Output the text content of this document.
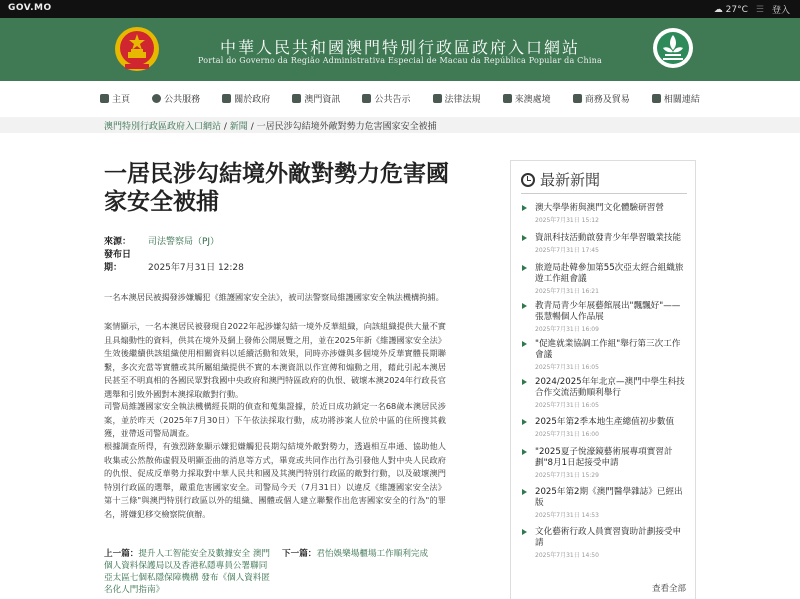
GOV.MO	☁ 27°C ☰ 登入
中華人民共和國澳門特別行政區政府入口網站
Portal do Governo da Região Administrativa Especial de Macau da República Popular da China
主頁	公共服務	關於政府	澳門資訊	公共告示	法律法規	來澳處境	商務及貿易	相關連結
澳門特別行政區政府入口網站 / 新聞 / 一居民涉勾結境外敵對勢力危害國家安全被捕
一居民涉勾結境外敵對勢力危害國家安全被捕
來源： 司法警察局（PJ）
發布日期：	2025年7月31日 12:28

一名本澳居民被揭發涉嫌觸犯《維護國家安全法》，被司法警察局維護國家安全執法機構拘捕。

案情顯示，一名本澳居民被發現自2022年起涉嫌勾結一境外反華組織，向該組織提供大量不實且具煽動性的資料，供其在境外及網上發佈公開展覽之用，並在2025年新《維護國家安全法》生效後繼續供該組織使用相關資料以延續活動和效果，同時亦涉嫌與多個境外反華實體長期聯繫，多次充當等實體或其所屬組織提供不實的本澳資訊以作宣傳和煽動之用，藉此引起本澳居民甚至不明真相的各國民眾對我國中央政府和澳門特區政府的仇恨、破壞本澳2024年行政長官選舉和引致外國對本澳採取敵對行動。

司警局維護國家安全執法機構經長期的偵查和蒐集證據，於近日成功鎖定一名68歲本澳居民涉案，並於昨天（2025年7月30日）下午依法採取行動，成功將涉案人位於中區的住所搜其截獲，並帶返司警局調查。

根據調查所得，有強烈跡象顯示嫌犯嫌觸犯長期勾結境外敵對勢力，透過相互串通、協助他人收集或公然散佈虛假及明顯歪曲的消息等方式，畢竟或共同作出行為引發他人對中央人民政府的仇恨、促成反華勢力採取對中華人民共和國及其澳門特別行政區的敵對行動，以及破壞澳門特別行政區的選舉，嚴重危害國家安全。司警局今天（7月31日）以違反《維護國家安全法》第十三條"與澳門特別行政區以外的組織、團體或個人建立聯繫作出危害國家安全的行為"的罪名，將嫌犯移交檢察院偵辦。

上一篇：提升人工智能安全及數據安全 澳門個人資料保護局以及香港私隱專員公署聯同亞太區七個私隱保障機構 發布《個人資料匿名化人門指南》
下一篇：君怡娛樂場櫃場工作順利完成
最新新聞
澳大學學術與澳門文化體驗研習營
2025年7月31日 15:12
資訊科技活動啟發青少年學習職業技能
2025年7月31日 17:45
旅遊局赴韓參加第55次亞太經合組織旅遊工作組會議
2025年7月31日 16:21
教青局青少年展藝館展出"飄飄好"——張慧暢個人作品展
2025年7月31日 16:09
"促進就業協調工作組"舉行第三次工作會議
2025年7月31日 16:05
2024/2025年年北京—澳門中學生科技合作交流活動順利舉行
2025年7月31日 16:05
2025年第2季本地生產總值初步數值
2025年7月31日 16:00
"2025夏子悅濠鏡藝術展專項實習計劃"8月1日起接受申請
2025年7月31日 15:29
2025年第2期《澳門醫學雜誌》已經出版
2025年7月31日 14:53
文化藝術行政人員實習資助計劃接受申請
2025年7月31日 14:50
查看全部
